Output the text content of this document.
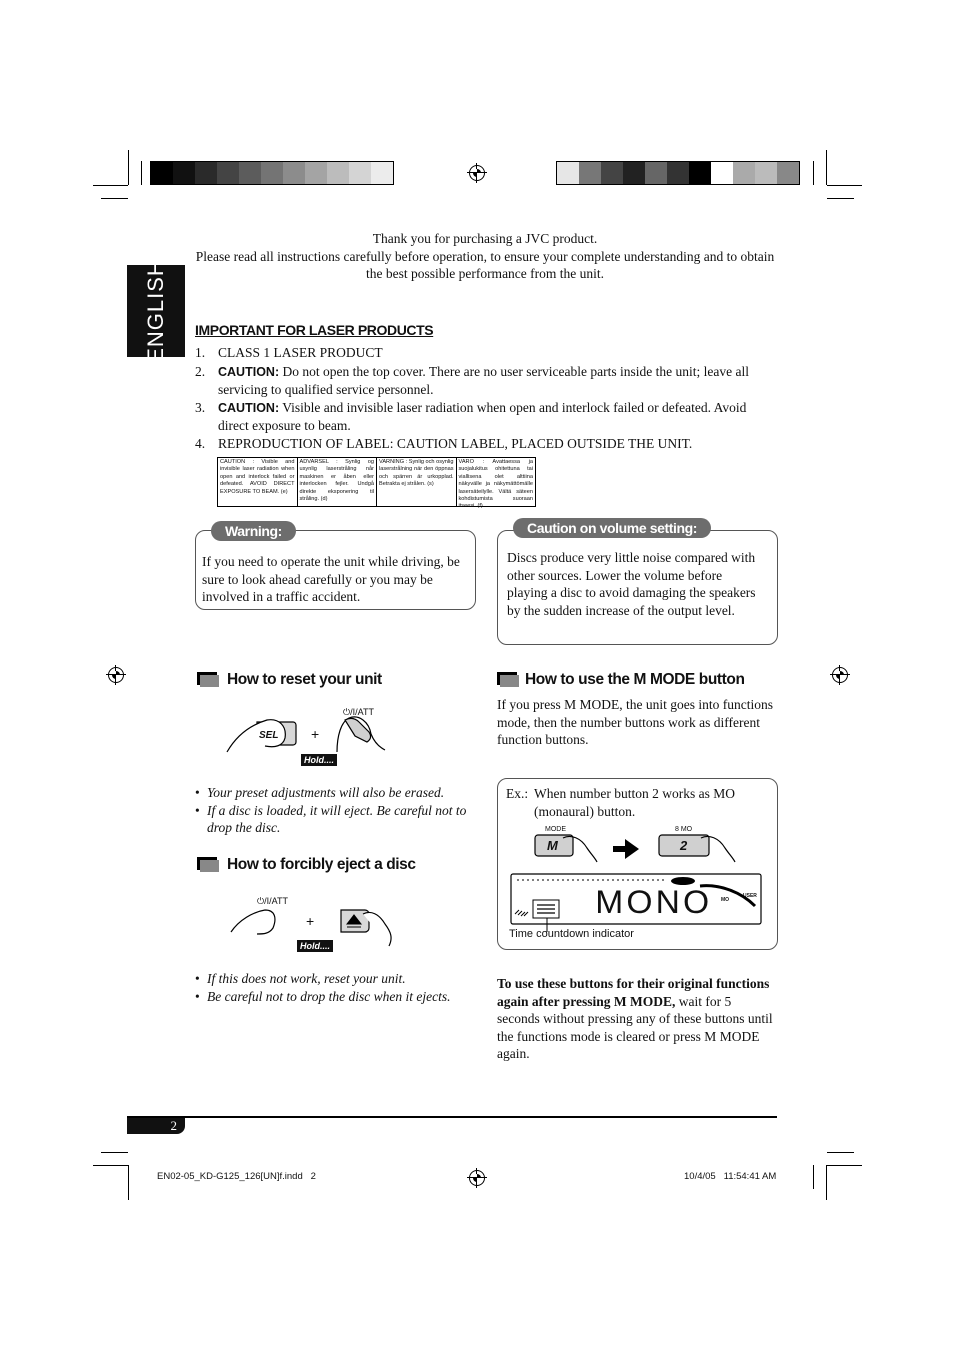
ENGLISH
Thank you for purchasing a JVC product.
Please read all instructions carefully before operation, to ensure your complete understanding and to obtain the best possible performance from the unit.
IMPORTANT FOR LASER PRODUCTS
1. CLASS 1 LASER PRODUCT
2. CAUTION: Do not open the top cover. There are no user serviceable parts inside the unit; leave all servicing to qualified service personnel.
3. CAUTION: Visible and invisible laser radiation when open and interlock failed or defeated. Avoid direct exposure to beam.
4. REPRODUCTION OF LABEL: CAUTION LABEL, PLACED OUTSIDE THE UNIT.
CAUTION : Visible and invisible laser radiation when open and interlock failed or defeated. AVOID DIRECT EXPOSURE TO BEAM. (e)
ADVARSEL : Synlig og usynlig laserstråling når maskinen er åben eller interlocken fejler. Undgå direkte eksponering til stråling. (d)
VARNING : Synlig och osynlig laserstrålning när den öppnas och spärren är urkopplad. Betrakta ej strålen. (s)
VARO : Avattaessa ja suojalukitus ohitettuna tai viallisena olet alttiina näkyvälle ja näkymättömälle lasersäteilylle. Vältä säteen kohdistumista suoraan itseesi. (f)
Warning:
If you need to operate the unit while driving, be sure to look ahead carefully or you may be involved in a traffic accident.
Caution on volume setting:
Discs produce very little noise compared with other sources. Lower the volume before playing a disc to avoid damaging the speakers by the sudden increase of the output level.
How to reset your unit
SEL +
⏻/I/ATT
Hold....
• Your preset adjustments will also be erased.
• If a disc is loaded, it will eject. Be careful not to drop the disc.
How to forcibly eject a disc
⏻/I/ATT
+
Hold....
• If this does not work, reset your unit.
• Be careful not to drop the disc when it ejects.
How to use the M MODE button
If you press M MODE, the unit goes into functions mode, then the number buttons work as different function buttons.
Ex.: When number button 2 works as MO (monaural) button.
MODE
M
8 MO
2
MONO MO
USER
Time countdown indicator
To use these buttons for their original functions again after pressing M MODE, wait for 5 seconds without pressing any of these buttons until the functions mode is cleared or press M MODE again.
2
EN02-05_KD-G125_126[UN]f.indd   2	10/4/05   11:54:41 AM
